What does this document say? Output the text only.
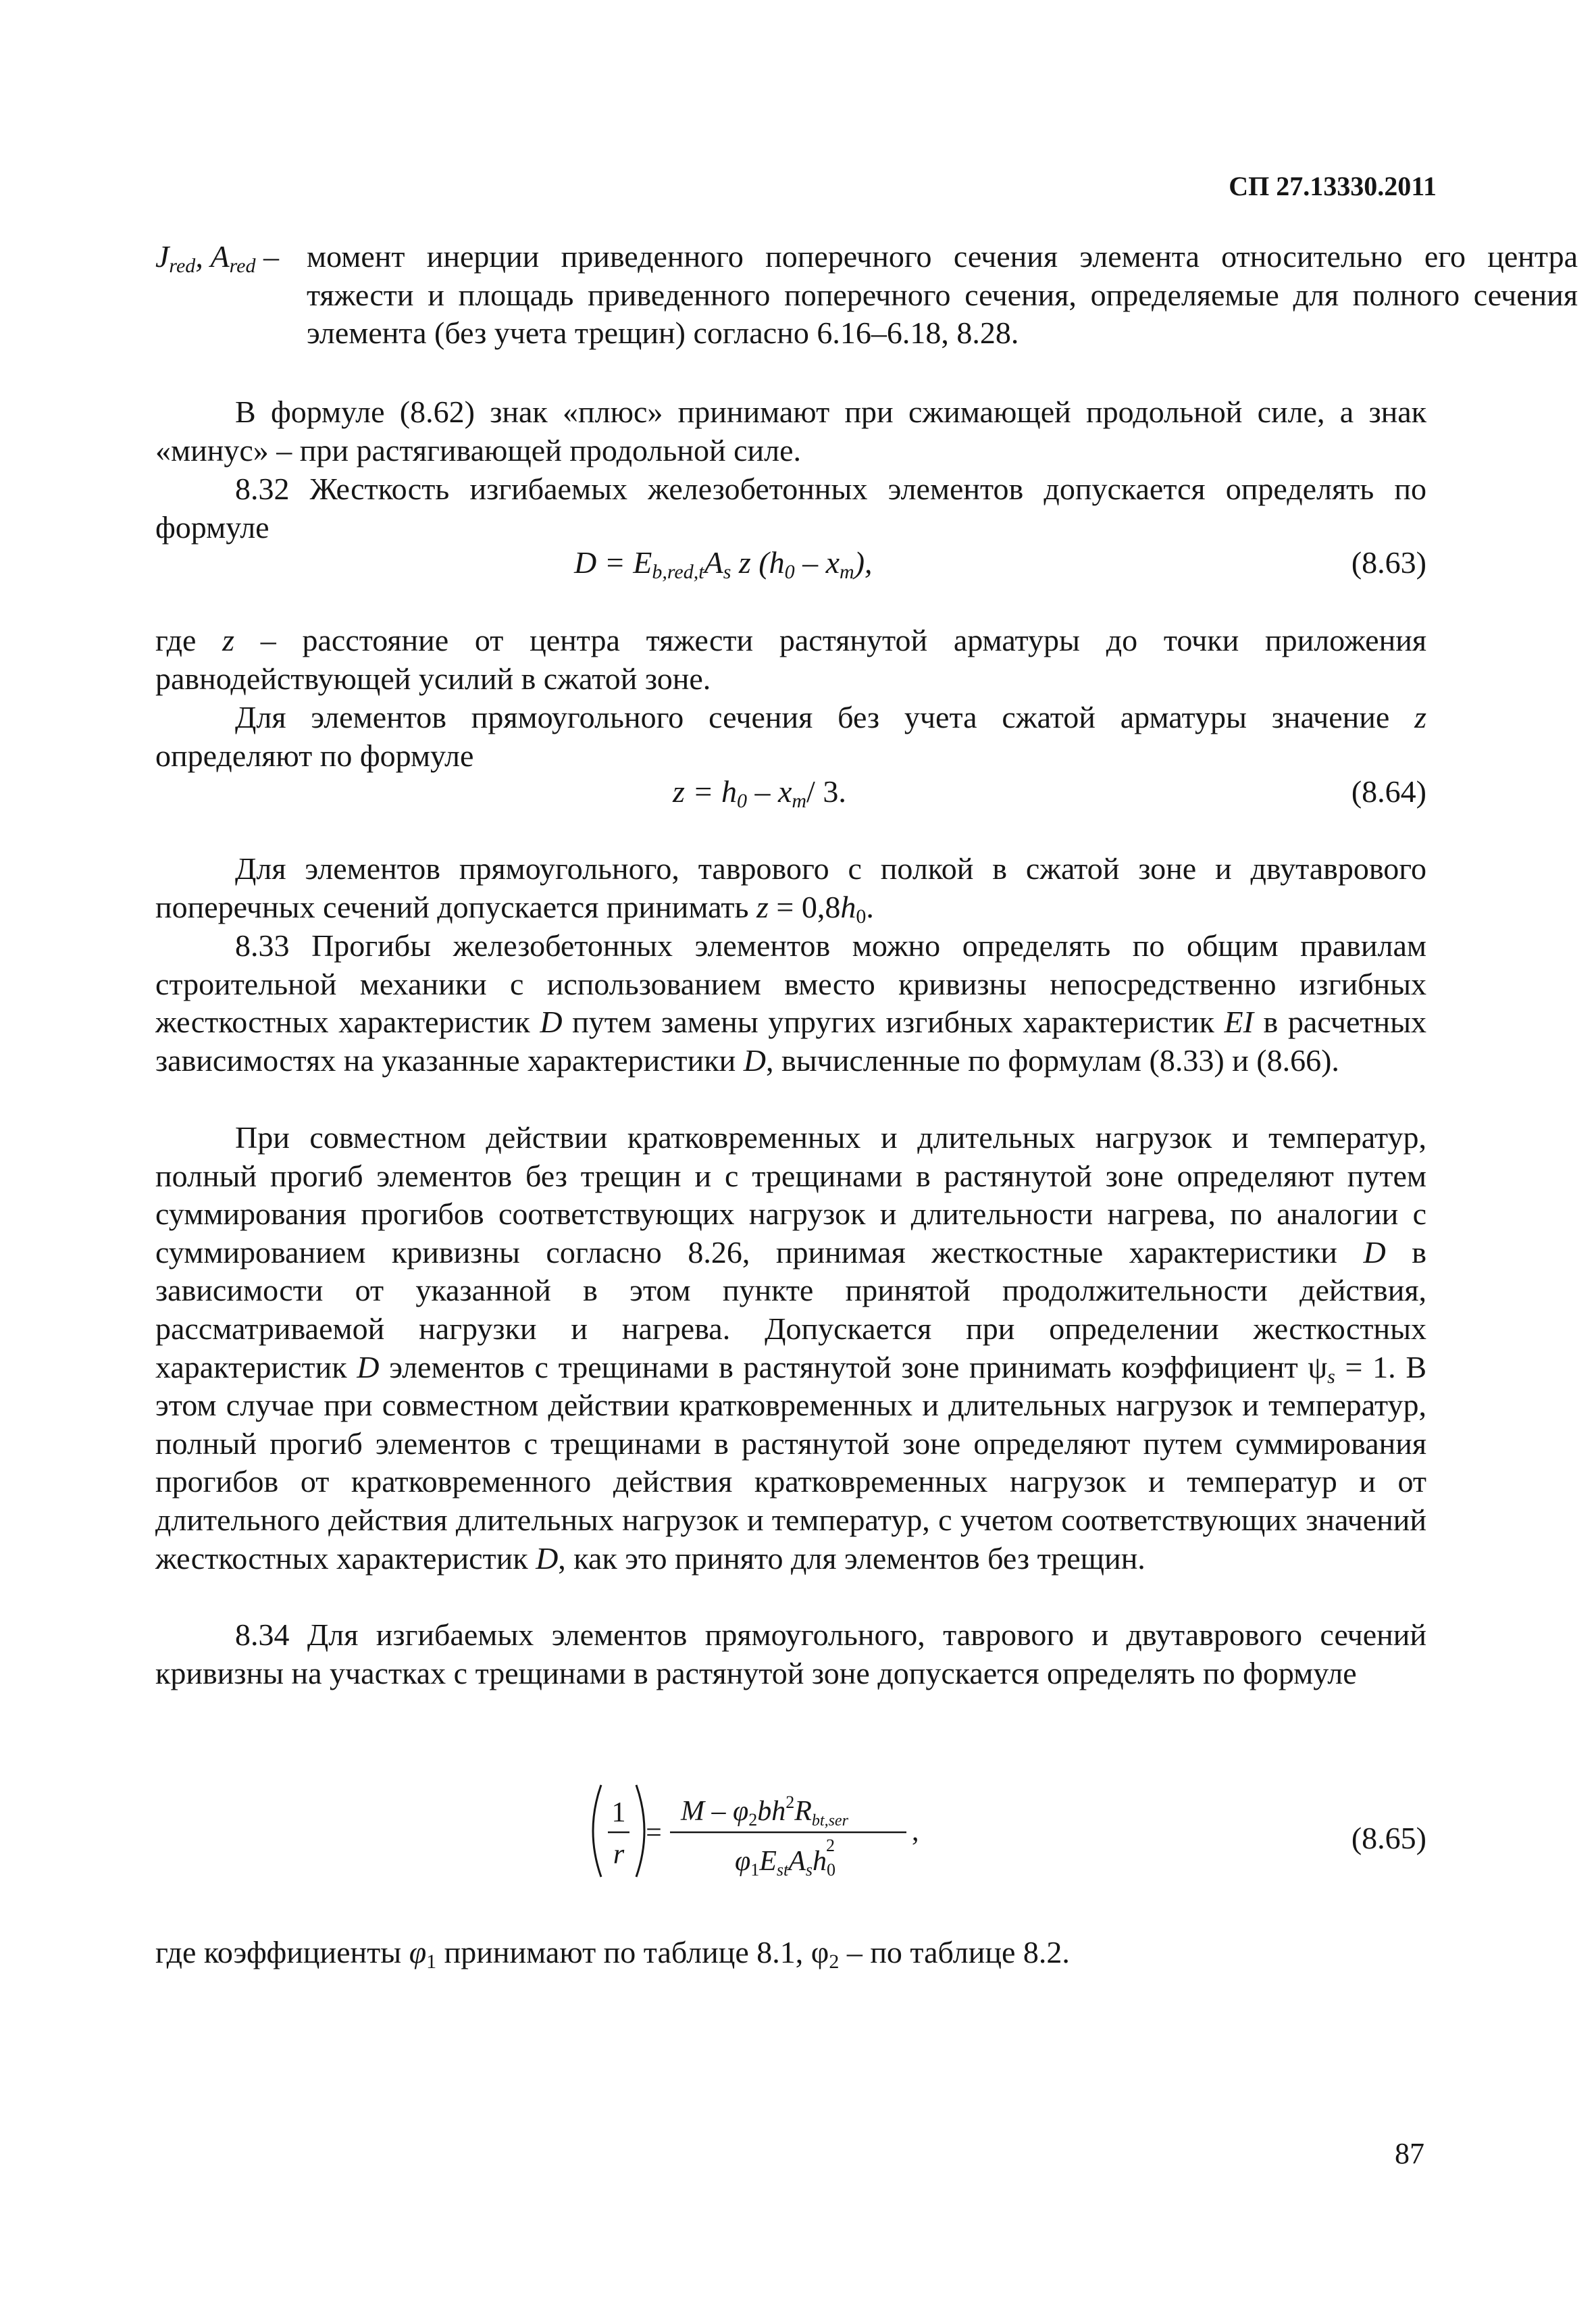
СП 27.13330.2011
$J_{red}$, $A_{red}$ – момент инерции приведенного поперечного сечения элемента относительно его центра тяжести и площадь приведенного поперечного сечения, определяемые для полного сечения элемента (без учета трещин) согласно 6.16–6.18, 8.28.
В формуле (8.62) знак «плюс» принимают при сжимающей продольной силе, а знак «минус» – при растягивающей продольной силе.
8.32 Жесткость изгибаемых железобетонных элементов допускается определять по формуле
$D = E_{b,red,t}A_s$ z $(h_0 - x_m)$,	(8.63)
где z – расстояние от центра тяжести растянутой арматуры до точки приложения равнодействующей усилий в сжатой зоне.
Для элементов прямоугольного сечения без учета сжатой арматуры значение z определяют по формуле
$z = h_0 - x_m/$ 3.	(8.64)
Для элементов прямоугольного, таврового с полкой в сжатой зоне и двутаврового поперечных сечений допускается принимать $z = 0,8h_0$.
8.33 Прогибы железобетонных элементов можно определять по общим правилам строительной механики с использованием вместо кривизны непосредственно изгибных жесткостных характеристик D путем замены упругих изгибных характеристик EI в расчетных зависимостях на указанные характеристики D, вычисленные по формулам (8.33) и (8.66).
При совместном действии кратковременных и длительных нагрузок и температур, полный прогиб элементов без трещин и с трещинами в растянутой зоне определяют путем суммирования прогибов соответствующих нагрузок и длительности нагрева, по аналогии с суммированием кривизны согласно 8.26, принимая жесткостные характеристики D в зависимости от указанной в этом пункте принятой продолжительности действия, рассматриваемой нагрузки и нагрева. Допускается при определении жесткостных характеристик D элементов с трещинами в растянутой зоне принимать коэффициент $\psi_s = 1$. В этом случае при совместном действии кратковременных и длительных нагрузок и температур, полный прогиб элементов с трещинами в растянутой зоне определяют путем суммирования прогибов от кратковременного действия кратковременных нагрузок и температур и от длительного действия длительных нагрузок и температур, с учетом соответствующих значений жесткостных характеристик D, как это принято для элементов без трещин.
8.34 Для изгибаемых элементов прямоугольного, таврового и двутаврового сечений кривизны на участках с трещинами в растянутой зоне допускается определять по формуле
1
r
=
M – $\varphi 2bh^2Rbt,ser$
φ1EstAsh02	,	(8.65)
где коэффициенты $\varphi_1$ принимают по таблице 8.1, $\varphi_2$ – по таблице 8.2.
87
